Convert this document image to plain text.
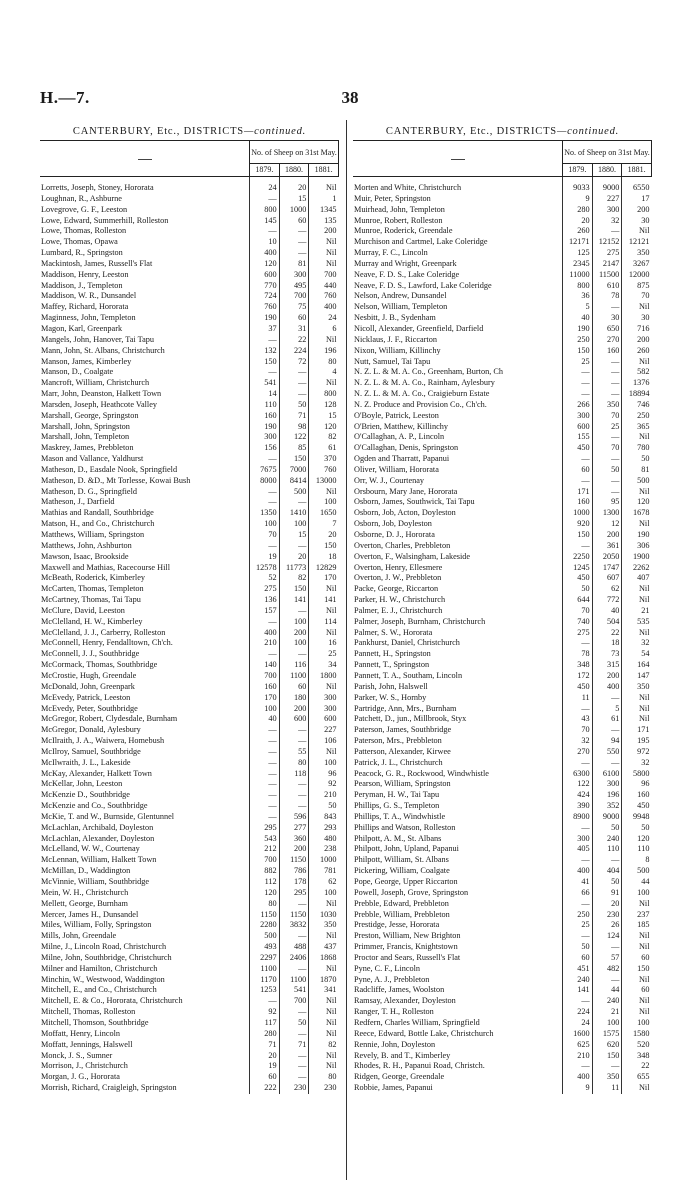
H.—7.	38
CANTERBURY, Etc., DISTRICTS—continued.
	No. of Sheep on 31st May.		
	1879.	1880.	1881.
Lorretts, Joseph, Stoney, Hororata	24	20	Nil
Loughnan, R., Ashburne	—	15	1
Lovegrove, G. F., Leeston	800	1000	1345
Lowe, Edward, Summerhill, Rolleston	145	60	135
Lowe, Thomas, Rolleston	—	—	200
Lowe, Thomas, Opawa	10	—	Nil
Lumbard, R., Springston	400	—	Nil
Mackintosh, James, Russell's Flat	120	81	Nil
Maddison, Henry, Leeston	600	300	700
Maddison, J., Templeton	770	495	440
Maddison, W. R., Dunsandel	724	700	760
Maffey, Richard, Hororata	760	75	400
Maginness, John, Templeton	190	60	24
Magon, Karl, Greenpark	37	31	6
Mangels, John, Hanover, Tai Tapu	—	22	Nil
Mann, John, St. Albans, Christchurch	132	224	196
Manson, James, Kimberley	150	72	80
Manson, D., Coalgate	—	—	4
Mancroft, William, Christchurch	541	—	Nil
Marr, John, Deanston, Halkett Town	14	—	800
Marsden, Joseph, Heathcote Valley	110	50	128
Marshall, George, Springston	160	71	15
Marshall, John, Springston	190	98	120
Marshall, John, Templeton	300	122	82
Maskrey, James, Prebbleton	156	85	61
Mason and Vallance, Yaldhurst	—	150	370
Matheson, D., Easdale Nook, Springfield	7675	7000	760
Matheson, D. &D., Mt Torlesse, Kowai Bush	8000	8414	13000
Matheson, D. G., Springfield	—	500	Nil
Matheson, J., Darfield	—	—	100
Mathias and Randall, Southbridge	1350	1410	1650
Matson, H., and Co., Christchurch	100	100	7
Matthews, William, Springston	70	15	20
Matthews, John, Ashburton	—	—	150
Mawson, Isaac, Brookside	19	20	18
Maxwell and Mathias, Racecourse Hill	12578	11773	12829
McBeath, Roderick, Kimberley	52	82	170
McCarten, Thomas, Templeton	275	150	Nil
McCartney, Thomas, Tai Tapu	136	141	141
McClure, David, Leeston	157	—	Nil
McClelland, H. W., Kimberley	—	100	114
McClelland, J. J., Carberry, Rolleston	400	200	Nil
McConnell, Henry, Fendalltown, Ch'ch.	210	100	16
McConnell, J. J., Southbridge	—	—	25
McCormack, Thomas, Southbridge	140	116	34
McCrostie, Hugh, Greendale	700	1100	1800
McDonald, John, Greenpark	160	60	Nil
McEvedy, Patrick, Leeston	170	180	300
McEvedy, Peter, Southbridge	100	200	300
McGregor, Robert, Clydesdale, Burnham	40	600	600
McGregor, Donald, Aylesbury	—	—	227
McIlraith, J. A., Waiwera, Homebush	—	—	106
McIlroy, Samuel, Southbridge	—	55	Nil
McIlwraith, J. L., Lakeside	—	80	100
McKay, Alexander, Halkett Town	—	118	96
McKellar, John, Leeston	—	—	92
McKenzie D., Southbridge	—	—	210
McKenzie and Co., Southbridge	—	—	50
McKie, T. and W., Burnside, Glentunnel	—	596	843
McLachlan, Archibald, Doyleston	295	277	293
McLachlan, Alexander, Doyleston	543	360	480
McLelland, W. W., Courtenay	212	200	238
McLennan, William, Halkett Town	700	1150	1000
McMillan, D., Waddington	882	786	781
McVinnie, William, Southbridge	112	178	62
Mein, W. H., Christchurch	120	295	100
Mellett, George, Burnham	80	—	Nil
Mercer, James H., Dunsandel	1150	1150	1030
Miles, William, Folly, Springston	2280	3832	350
Mills, John, Greendale	500	—	Nil
Milne, J., Lincoln Road, Christchurch	493	488	437
Milne, John, Southbridge, Christchurch	2297	2406	1868
Milner and Hamilton, Christchurch	1100	—	Nil
Minchin, W., Westwood, Waddington	1170	1100	1870
Mitchell, E., and Co., Christchurch	1253	541	341
Mitchell, E. & Co., Hororata, Christchurch	—	700	Nil
Mitchell, Thomas, Rolleston	92	—	Nil
Mitchell, Thomson, Southbridge	117	50	Nil
Moffatt, Henry, Lincoln	280	—	Nil
Moffatt, Jennings, Halswell	71	71	82
Monck, J. S., Sumner	20	—	Nil
Morrison, J., Christchurch	19	—	Nil
Morgan, J. G., Hororata	60	—	80
Morrish, Richard, Craigleigh, Springston	222	230	230
CANTERBURY, Etc., DISTRICTS—continued.
	No. of Sheep on 31st May.		
	1879.	1880.	1881.
Morten and White, Christchurch	9033	9000	6550
Muir, Peter, Springston	9	227	17
Muirhead, John, Templeton	280	300	200
Munroe, Robert, Rolleston	20	32	30
Munroe, Roderick, Greendale	260	—	Nil
Murchison and Cartmel, Lake Coleridge	12171	12152	12121
Murray, F. C., Lincoln	125	275	350
Murray and Wright, Greenpark	2345	2147	3267
Neave, F. D. S., Lake Coleridge	11000	11500	12000
Neave, F. D. S., Lawford, Lake Coleridge	800	610	875
Nelson, Andrew, Dunsandel	36	78	70
Nelson, William, Templeton	5	—	Nil
Nesbitt, J. B., Sydenham	40	30	30
Nicoll, Alexander, Greenfield, Darfield	190	650	716
Nicklaus, J. F., Riccarton	250	270	200
Nixon, William, Killinchy	150	160	260
Nutt, Samuel, Tai Tapu	25	—	Nil
N. Z. L. & M. A. Co., Greenham, Burton, Ch	—	—	582
N. Z. L. & M. A. Co., Rainham, Aylesbury	—	—	1376
N. Z. L. & M. A. Co., Craigieburn Estate	—	—	18894
N. Z. Produce and Provision Co., Ch'ch.	266	350	746
O'Boyle, Patrick, Leeston	300	70	250
O'Brien, Matthew, Killinchy	600	25	365
O'Callaghan, A. P., Lincoln	155	—	Nil
O'Callaghan, Denis, Springston	450	70	780
Ogden and Tharratt, Papanui	—	—	50
Oliver, William, Hororata	60	50	81
Orr, W. J., Courtenay	—	—	500
Orsbourn, Mary Jane, Hororata	171	—	Nil
Osborn, James, Southwick, Tai Tapu	160	95	120
Osborn, Job, Acton, Doyleston	1000	1300	1678
Osborn, Job, Doyleston	920	12	Nil
Osborne, D. J., Hororata	150	200	190
Overton, Charles, Prebbleton	—	361	306
Overton, F., Walsingham, Lakeside	2250	2050	1900
Overton, Henry, Ellesmere	1245	1747	2262
Overton, J. W., Prebbleton	450	607	407
Packe, George, Riccarton	50	62	Nil
Parker, H. W., Christchurch	644	772	Nil
Palmer, E. J., Christchurch	70	40	21
Palmer, Joseph, Burnham, Christchurch	740	504	535
Palmer, S. W., Hororata	275	22	Nil
Pankhurst, Daniel, Christchurch	—	18	32
Pannett, H., Springston	78	73	54
Pannett, T., Springston	348	315	164
Pannett, T. A., Southam, Lincoln	172	200	147
Parish, John, Halswell	450	400	350
Parker, W. S., Hornby	11	—	Nil
Partridge, Ann, Mrs., Burnham	—	5	Nil
Patchett, D., jun., Millbrook, Styx	43	61	Nil
Paterson, James, Southbridge	70	—	171
Paterson, Mrs., Prebbleton	32	94	195
Patterson, Alexander, Kirwee	270	550	972
Patrick, J. L., Christchurch	—	—	32
Peacock, G. R., Rockwood, Windwhistle	6300	6100	5800
Pearson, William, Springston	122	300	96
Peryman, H. W., Tai Tapu	424	196	160
Phillips, G. S., Templeton	390	352	450
Phillips, T. A., Windwhistle	8900	9000	9948
Phillips and Watson, Rolleston	—	50	50
Philpott, A. M., St. Albans	300	240	120
Philpott, John, Upland, Papanui	405	110	110
Philpott, William, St. Albans	—	—	8
Pickering, William, Coalgate	400	404	500
Pope, George, Upper Riccarton	41	50	44
Powell, Joseph, Grove, Springston	66	91	100
Prebble, Edward, Prebbleton	—	20	Nil
Prebble, William, Prebbleton	250	230	237
Prestidge, Jesse, Hororata	25	26	185
Preston, William, New Brighton	—	124	Nil
Primmer, Francis, Knightstown	50	—	Nil
Proctor and Sears, Russell's Flat	60	57	60
Pyne, C. F., Lincoln	451	482	150
Pyne, A. J., Prebbleton	240	—	Nil
Radcliffe, James, Woolston	141	44	60
Ramsay, Alexander, Doyleston	—	240	Nil
Ranger, T. H., Rolleston	224	21	Nil
Redfern, Charles William, Springfield	24	100	100
Reece, Edward, Bottle Lake, Christchurch	1600	1575	1580
Rennie, John, Doyleston	625	620	520
Revely, B. and T., Kimberley	210	150	348
Rhodes, R. H., Papanui Road, Christch.	—	—	22
Ridgen, George, Greendale	400	350	655
Robbie, James, Papanui	9	11	Nil
